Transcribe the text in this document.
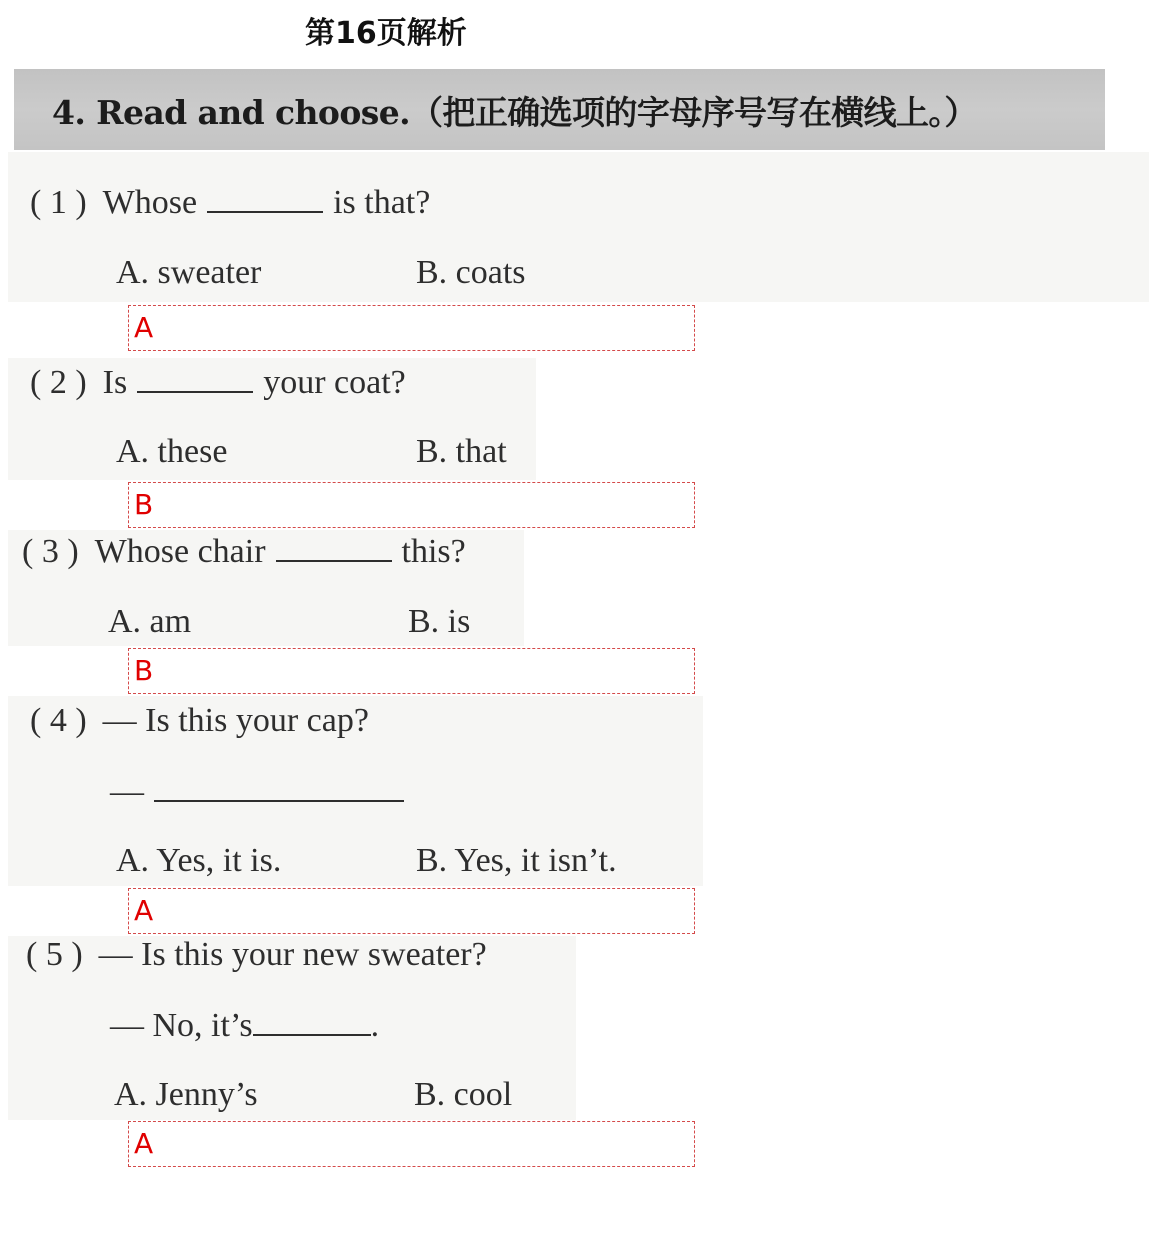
第16页解析
4. Read and choose.（把正确选项的字母序号写在横线上。）
( 1 ) Whose	is that?
A. sweater	B. coats
A
( 2 ) Is	your coat?
A. these	B. that
B
( 3 ) Whose chair	this?
A. am	B. is
B
( 4 ) — Is this your cap?
—
A. Yes, it is.	B. Yes, it isn’t.
A
( 5 ) — Is this your new sweater?
— No, it’s	.
A. Jenny’s	B. cool
A
